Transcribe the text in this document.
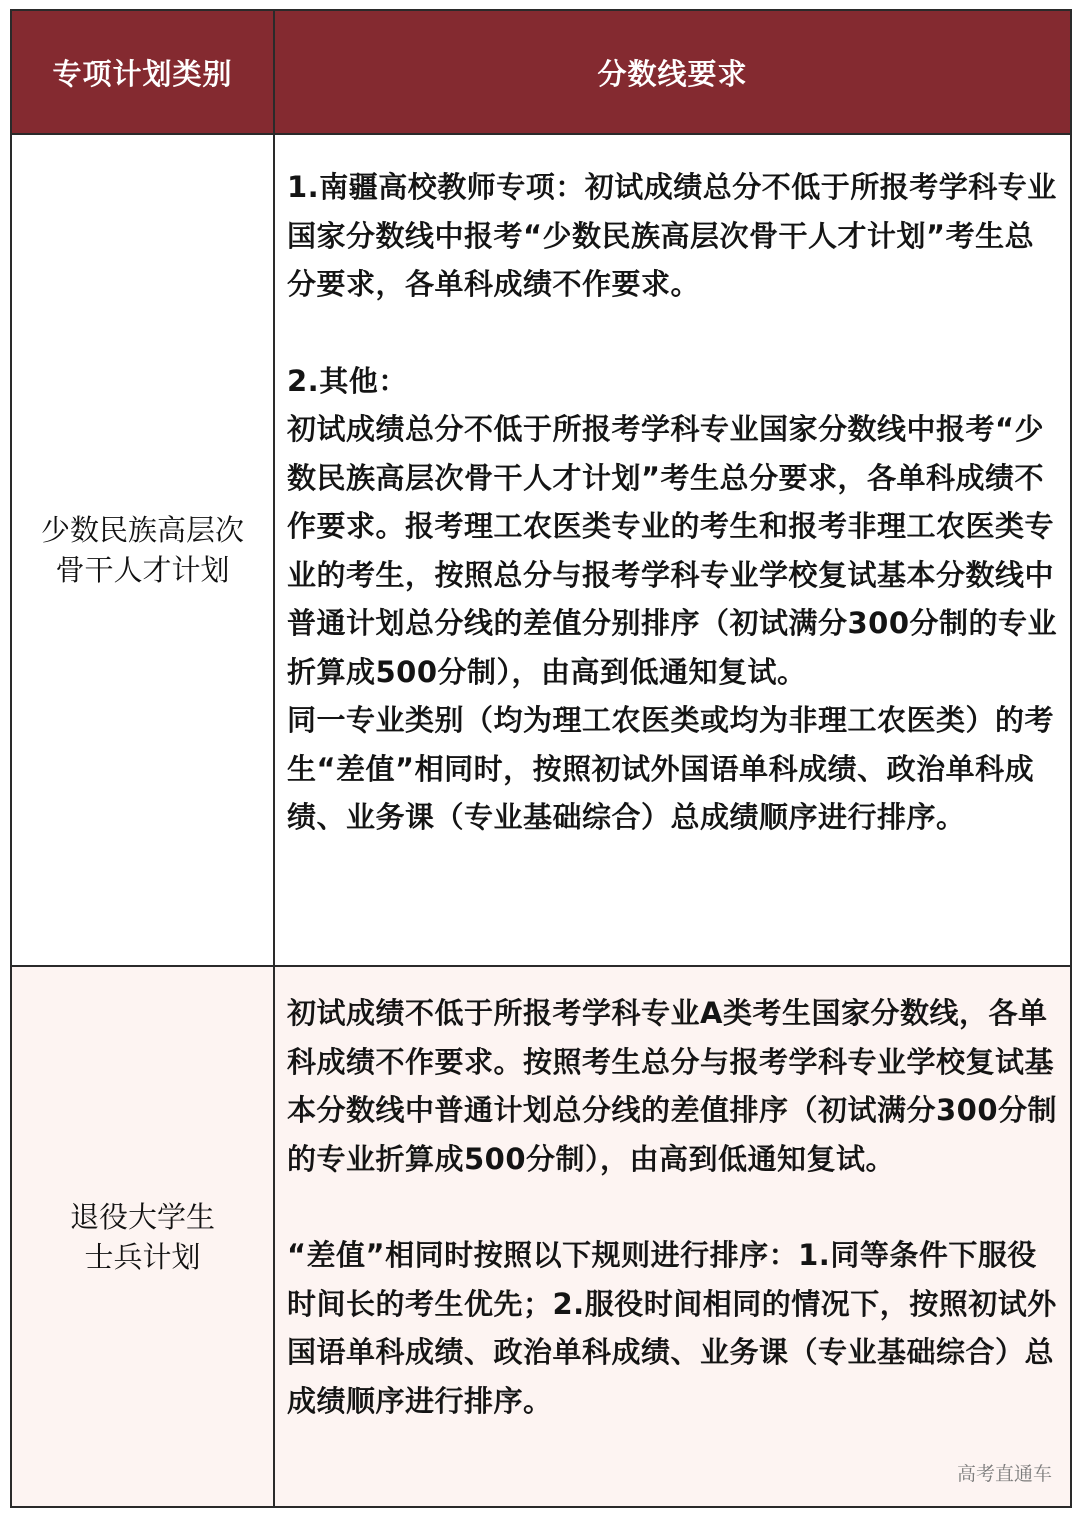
专项计划类别	分数线要求
少数民族高层次
骨干人才计划

1.南疆高校教师专项：初试成绩总分不低于所报考学科专业国家分数线中报考“少数民族高层次骨干人才计划”考生总分要求，各单科成绩不作要求。

2.其他：

初试成绩总分不低于所报考学科专业国家分数线中报考“少数民族高层次骨干人才计划”考生总分要求，各单科成绩不作要求。报考理工农医类专业的考生和报考非理工农医类专业的考生，按照总分与报考学科专业学校复试基本分数线中普通计划总分线的差值分别排序（初试满分300分制的专业折算成500分制），由高到低通知复试。

同一专业类别（均为理工农医类或均为非理工农医类）的考生“差值”相同时，按照初试外国语单科成绩、政治单科成绩、业务课（专业基础综合）总成绩顺序进行排序。

退役大学生
士兵计划

初试成绩不低于所报考学科专业A类考生国家分数线，各单科成绩不作要求。按照考生总分与报考学科专业学校复试基本分数线中普通计划总分线的差值排序（初试满分300分制的专业折算成500分制），由高到低通知复试。

“差值”相同时按照以下规则进行排序：1.同等条件下服役时间长的考生优先；2.服役时间相同的情况下，按照初试外国语单科成绩、政治单科成绩、业务课（专业基础综合）总成绩顺序进行排序。

高考直通车
